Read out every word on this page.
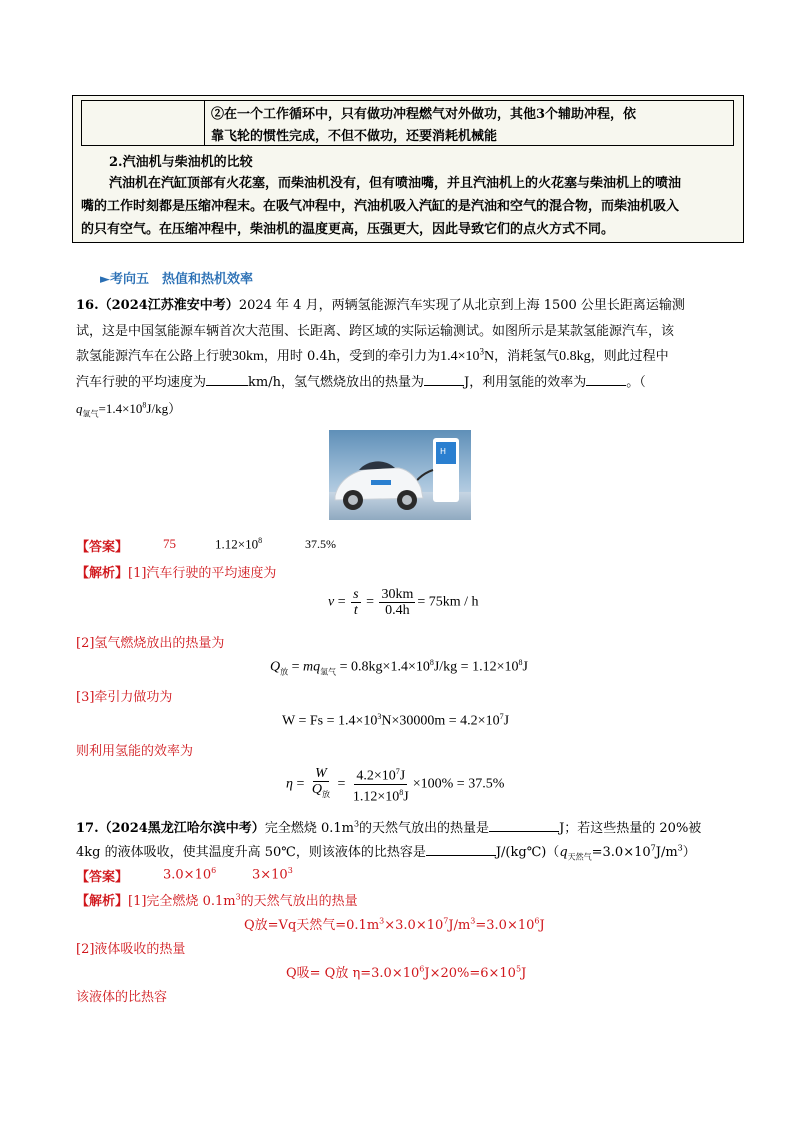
②在一个工作循环中，只有做功冲程燃气对外做功，其他3个辅助冲程，依
靠飞轮的惯性完成，不但不做功，还要消耗机械能
2.汽油机与柴油机的比较
汽油机在汽缸顶部有火花塞，而柴油机没有，但有喷油嘴，并且汽油机上的火花塞与柴油机上的喷油
嘴的工作时刻都是压缩冲程末。在吸气冲程中，汽油机吸入汽缸的是汽油和空气的混合物，而柴油机吸入
的只有空气。在压缩冲程中，柴油机的温度更高，压强更大，因此导致它们的点火方式不同。
►考向五　热值和热机效率
16.（2024江苏淮安中考）2024 年 4 月，两辆氢能源汽车实现了从北京到上海 1500 公里长距离运输测
试，这是中国氢能源车辆首次大范围、长距离、跨区域的实际运输测试。如图所示是某款氢能源汽车，该
款氢能源汽车在公路上行驶30km，用时 0.4h，受到的牵引力为$1.4\times 10^3N$，消耗氢气0.8kg，则此过程中
汽车行驶的平均速度为	km/h，氢气燃烧放出的热量为	J，利用氢能的效率为	。（
$q_{氢气}=1.4\times 10^8J/kg$）
H
【答案】	75	$1.12\times 10^8$	37.5%
【解析】[1]汽车行驶的平均速度为
$v = \frac{s}{t} = \frac{30km}{0.4h} = 75km / h$
[2]氢气燃烧放出的热量为
$Q_放 = mq_{氢气} = 0.8kg\times 1.4\times 10^8J/kg = 1.12\times 10^8J$
[3]牵引力做功为
$W = Fs = 1.4\times 10^3N\times 30000m = 4.2\times 10^7J$
则利用氢能的效率为
$\eta = \frac{W}{Q_放} = \frac{4.2\times 10^7J}{1.12\times 10^8J} \times 100\% = 37.5\%$
17.（2024黑龙江哈尔滨中考）完全燃烧 $0.1m^3$的天然气放出的热量是	J；若这些热量的 20%被
4kg 的液体吸收，使其温度升高 50℃，则该液体的比热容是	$J/(kg℃)(q_{天然气}=3.0\times 10^7J/m^3)$
【答案】	$3.0\times 10^6$	$3\times 10^3$
【解析】[1]完全燃烧 $0.1m^3$的天然气放出的热量
Q放=Vq天然气$=0.1m^3\times 3.0\times 10^7J/m^3=3.0\times 10^6J$
[2]液体吸收的热量
Q吸= Q放 $\eta=3.0\times 10^6J\times 20\%=6\times 10^5J$
该液体的比热容
